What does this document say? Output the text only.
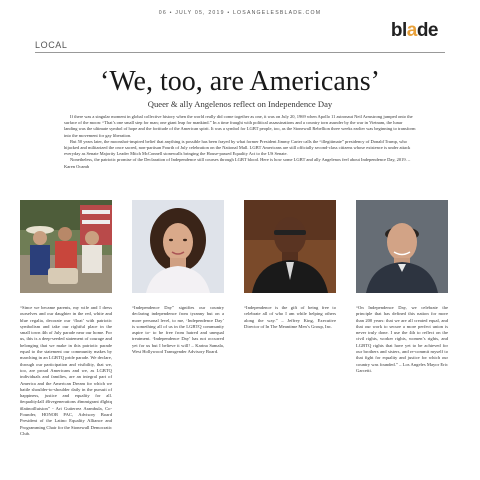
06 • JULY 05, 2019 • LOSANGELESBLADE.COM
blade
LOCAL
‘We, too, are Americans’
Queer & ally Angelenos reflect on Independence Day

If there was a singular moment in global collective history when the world really did come together as one, it was on July 20, 1969 when Apollo 11 astronaut Neil Armstrong jumped onto the surface of the moon: “That’s one small step for man; one giant leap for mankind.” In a time fraught with political assassinations and a country torn asunder by the war in Vietnam, the lunar landing was the ultimate symbol of hope and the fortitude of the American spirit. It was a symbol for LGBT people, too, as the Stonewall Rebellion three weeks earlier was beginning to transform into the movement for gay liberation.

But 50 years later, the moonshot-inspired belief that anything is possible has been frayed by what former President Jimmy Carter calls the “illegitimate” presidency of Donald Trump, who hijacked and militarized the once sacred, non-partisan Fourth of July celebration on the National Mall. LGBT Americans are still officially second-class citizens whose existence is under attack everyday as Senate Majority Leader Mitch McConnell stonewalls bringing the House-passed Equality Act to the US Senate.

Nonetheless, the patriotic promise of the Declaration of Independence still courses through LGBT blood. Here is how some LGBT and ally Angelenos feel about Independence Day, 2019. – Karen Ocamb

“Since we became parents, my wife and I dress ourselves and our daughter in the red, white and blue regalia, decorate our ‘float’ with patriotic symbolism and take our rightful place in the small town 4th of July parade near our home. For us, this is a deep-seeded statement of courage and belonging that we make in this patriotic parade equal to the statement our community makes by marching in an LGBTQ pride parade. We declare, through our participation and visibility, that we, too, are proud Americans and we, as LGBTQ individuals and families, are an integral part of America and the American Dream for which we battle shoulder-to-shoulder daily in the pursuit of happiness, justice and equality for all. #equality4all #livegenerations #immigrant #lgbtq #latinoilluision” - Ari Gutierrez Arambula, Co-Founder, HONOR PAC, Advisory Board President of the Latino Equality Alliance and Programming Chair for the Stonewall Democratic Club.
“Independence Day” signifies our country declaring independence from tyranny but on a more personal level, to me, ‘Independence Day’ is something all of us in the LGBTQ community aspire to- to be free from hatred and unequal treatment. ‘Independence Day’ has not occurred yet for us but I believe it will! – Karina Samala, West Hollywood Transgender Advisory Board.
“Independence is the gift of being free to celebrate all of who I am while helping others along the way.” – Jeffrey King, Executive Director of In The Meantime Men’s Group, Inc.
“On Independence Day, we celebrate the principle that has defined this nation for more than 200 years: that we are all created equal, and that our work to secure a more perfect union is never truly done. I use the 4th to reflect on the civil rights, worker rights, women’s rights, and LGBTQ rights that have yet to be achieved for our brothers and sisters, and re-commit myself to that fight for equality and justice for which our country was founded.” – Los Angeles Mayor Eric Garcetti.
